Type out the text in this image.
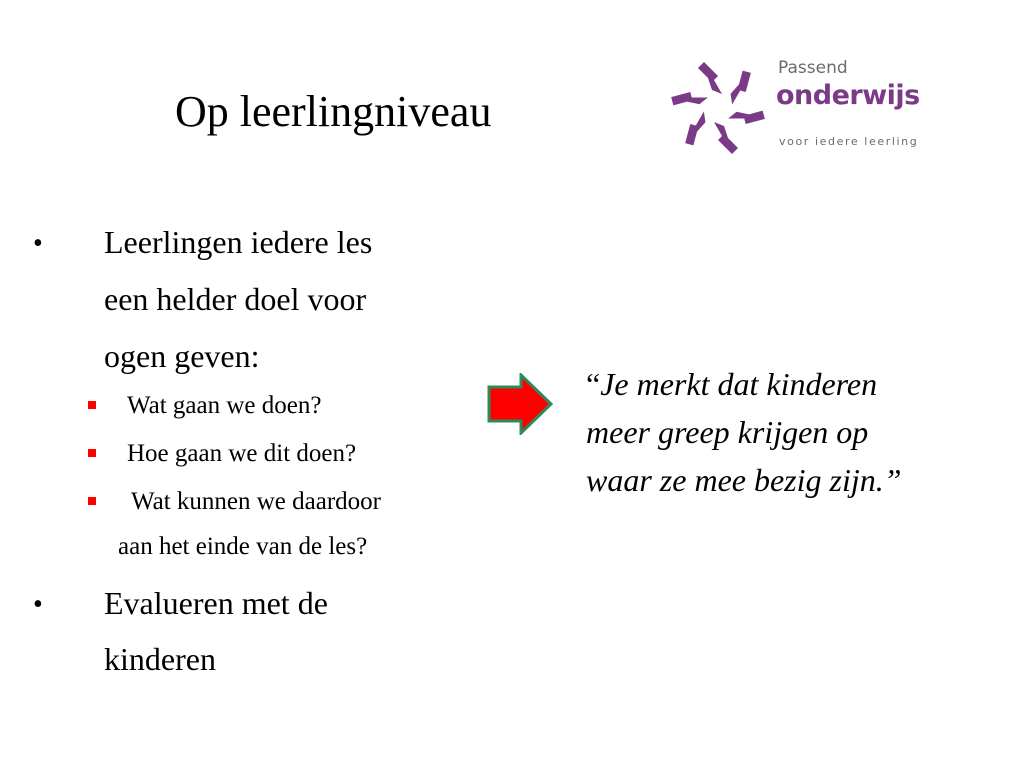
Op leerlingniveau
Passend
onderwijs
voor iedere leerling
• Leerlingen iedere les
een helder doel voor
ogen geven:
Wat gaan we doen?
Hoe gaan we dit doen?
Wat kunnen we daardoor
aan het einde van de les?
• Evalueren met de
kinderen
“Je merkt dat kinderen
meer greep krijgen op
waar ze mee bezig zijn.”
